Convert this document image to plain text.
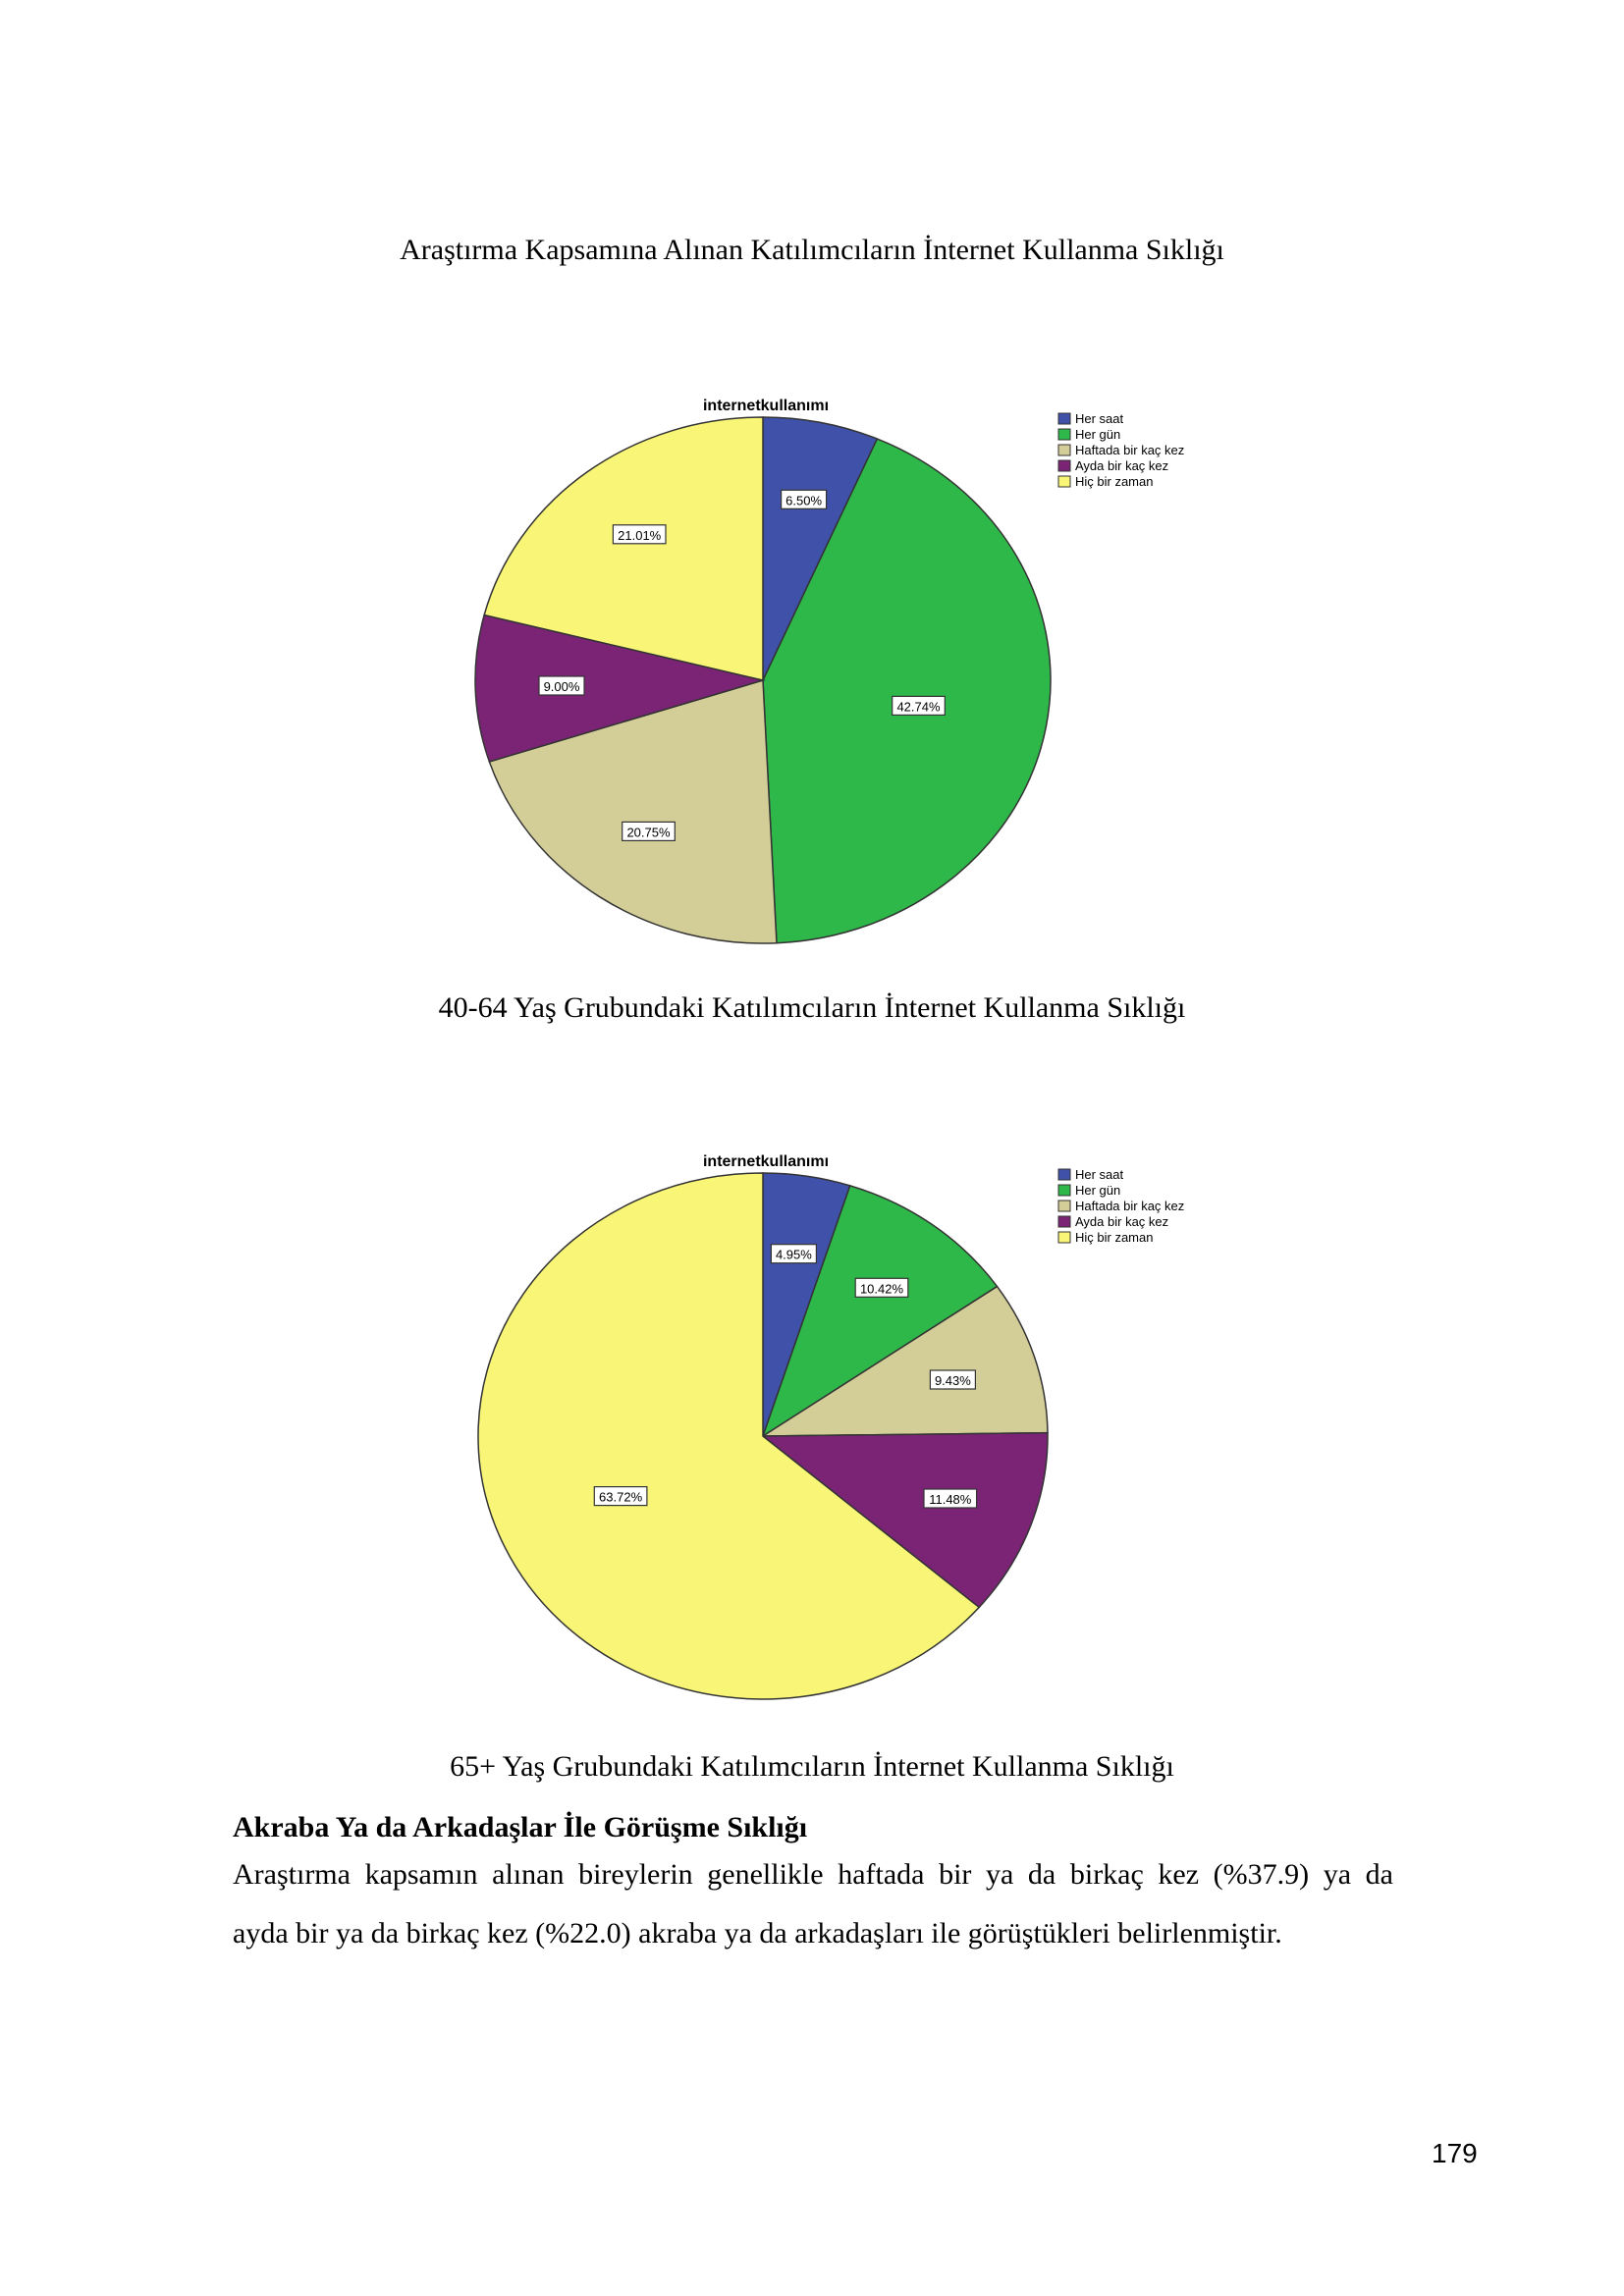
Araştırma Kapsamına Alınan Katılımcıların İnternet Kullanma Sıklığı
internetkullanımı
6.50%
42.74%
20.75%
9.00%
21.01%
Her saat
Her gün
Haftada bir kaç kez
Ayda bir kaç kez
Hiç bir zaman
40-64 Yaş Grubundaki Katılımcıların İnternet Kullanma Sıklığı
internetkullanımı
4.95%
10.42%
9.43%
11.48%
63.72%
Her saat
Her gün
Haftada bir kaç kez
Ayda bir kaç kez
Hiç bir zaman
65+ Yaş Grubundaki Katılımcıların İnternet Kullanma Sıklığı
Akraba Ya da Arkadaşlar İle Görüşme Sıklığı
Araştırma kapsamın alınan bireylerin genellikle haftada bir ya da birkaç kez (%37.9) ya da
ayda bir ya da birkaç kez (%22.0) akraba ya da arkadaşları ile görüştükleri belirlenmiştir.
179
